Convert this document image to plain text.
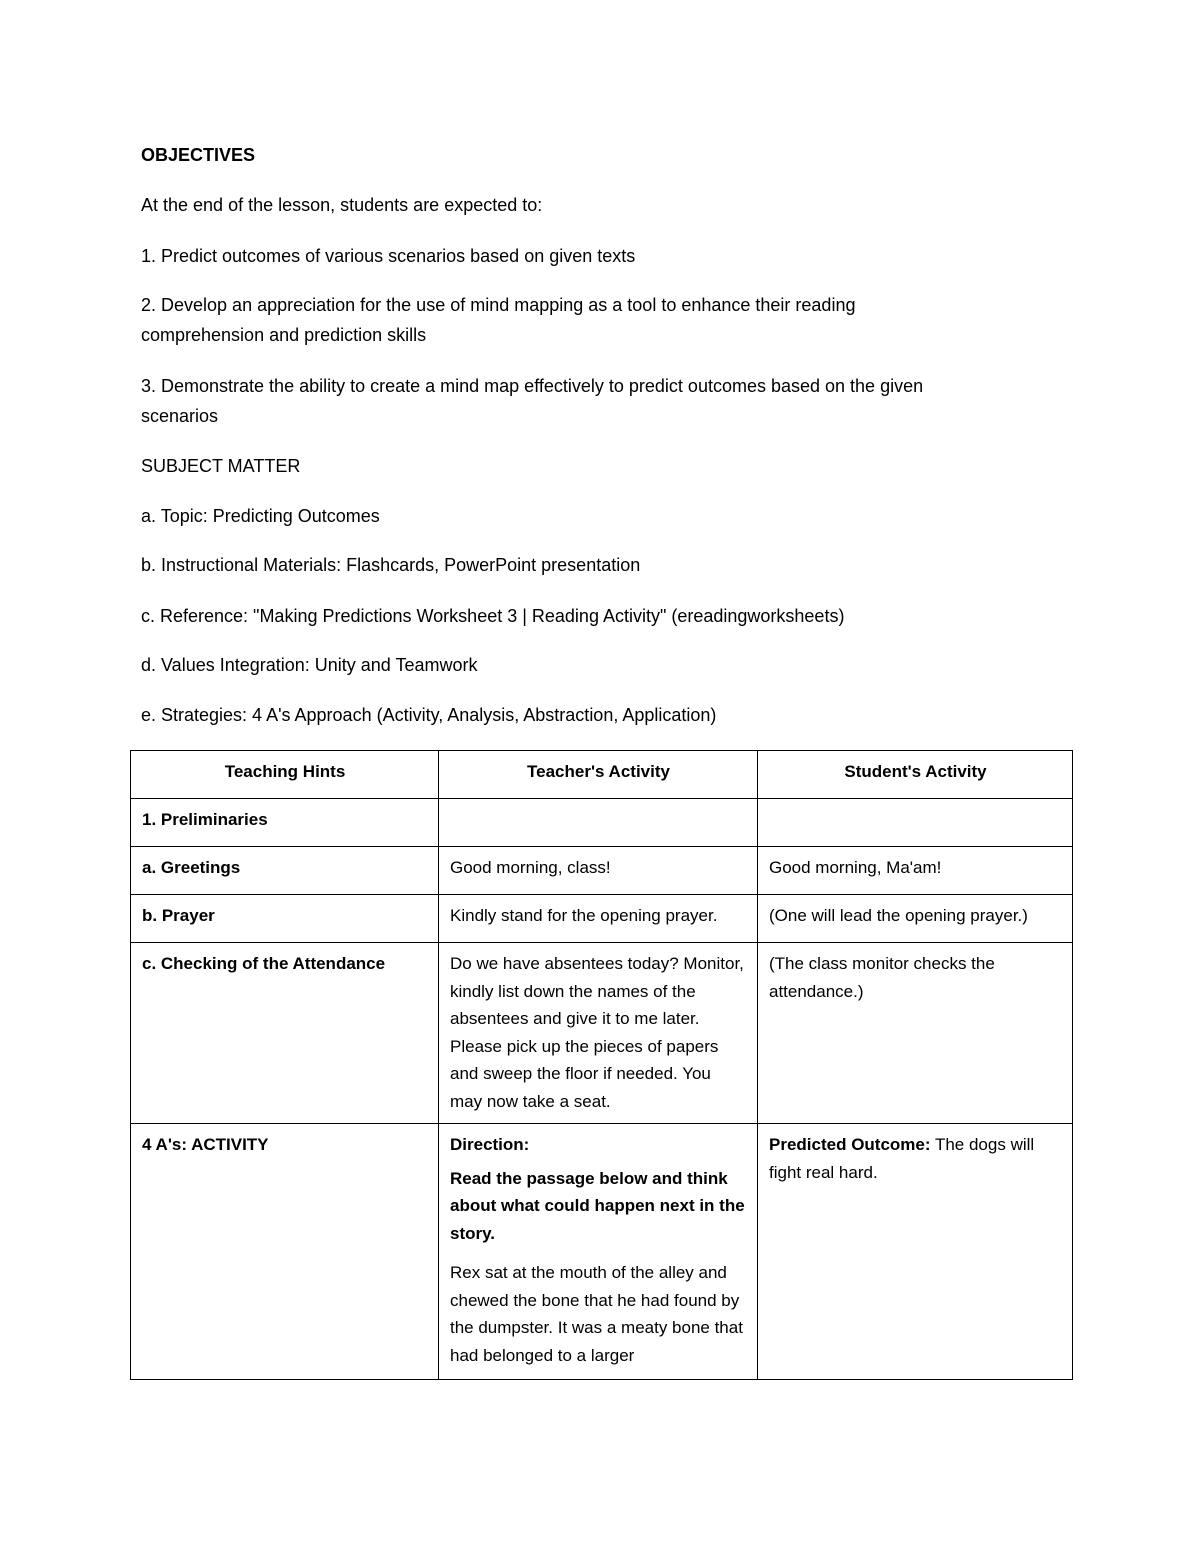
OBJECTIVES

At the end of the lesson, students are expected to:

1. Predict outcomes of various scenarios based on given texts

2. Develop an appreciation for the use of mind mapping as a tool to enhance their reading

comprehension and prediction skills

3. Demonstrate the ability to create a mind map effectively to predict outcomes based on the given

scenarios

SUBJECT MATTER

a. Topic: Predicting Outcomes

b. Instructional Materials: Flashcards, PowerPoint presentation

c. Reference: "Making Predictions Worksheet 3 | Reading Activity" (ereadingworksheets)

d. Values Integration: Unity and Teamwork

e. Strategies: 4 A's Approach (Activity, Analysis, Abstraction, Application)

Teaching Hints	Teacher's Activity	Student's Activity
1. Preliminaries		
a. Greetings	Good morning, class!	Good morning, Ma'am!
b. Prayer	Kindly stand for the opening prayer.	(One will lead the opening prayer.)
c. Checking of the Attendance	Do we have absentees today? Monitor, kindly list down the names of the absentees and give it to me later. Please pick up the pieces of papers and sweep the floor if needed. You may now take a seat.	(The class monitor checks the attendance.)
4 A's: ACTIVITY	Direction:
Read the passage below and think about what could happen next in the story.
Rex sat at the mouth of the alley and chewed the bone that he had found by the dumpster. It was a meaty bone that had belonged to a larger	Predicted Outcome: The dogs will fight real hard.
